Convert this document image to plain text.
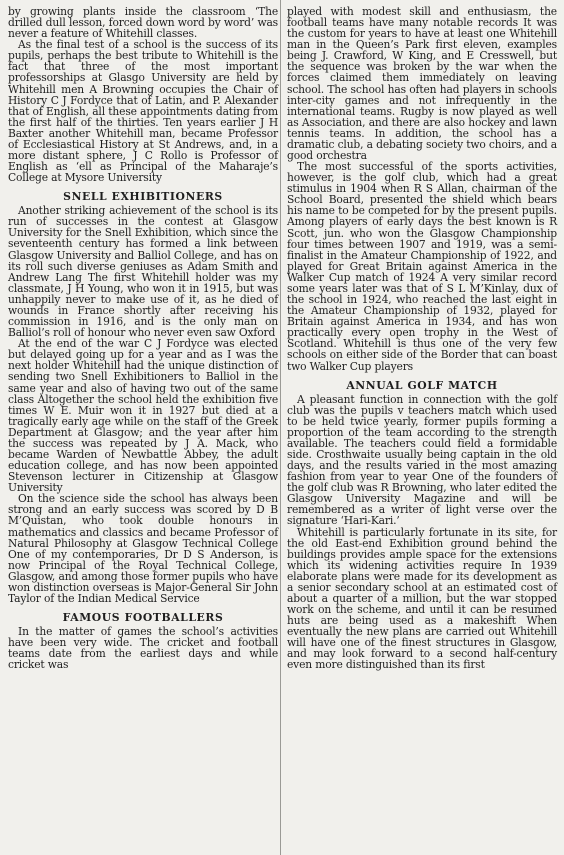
by growing plants inside the classroom ‘The drilled dull lesson, forced down word by word’ was never a feature of Whitehill classes.

As the final test of a school is the success of its pupils, perhaps the best tribute to Whitehill is the fact that three of the most important professorships at Glasgo University are held by Whitehill men A Browning occupies the Chair of History C J Fordyce that of Latin, and P. Alexander that of English, all these appointments dating from the first half of the thirties. Ten years earlier J H Baxter another Whitehill man, became Professor of Ecclesiastical History at St Andrews, and, in a more distant sphere, J C Rollo is Professor of English as ‘ell as Principal of the Maharaje’s College at Mysore University

SNELL EXHIBITIONERS

Another striking achievement of the school is its run of successes in the contest at Glasgow University for the Snell Exhibition, which since the seventeenth century has formed a link between Glasgow University and Balliol College, and has on its roll such diverse geniuses as Adam Smith and Andrew Lang The first Whitehill holder was my classmate, J H Young, who won it in 1915, but was unhappily never to make use of it, as he died of wounds in France shortly after receiving his commission in 1916, and is the only man on Balliol’s roll of honour who never even saw Oxford

At the end of the war C J Fordyce was elected but delayed going up for a year and as I was the next holder Whitehill had the unique distinction of sending two Snell Exhibitioners to Balliol in the same year and also of having two out of the same class Altogether the school held the exhibition five times W E. Muir won it in 1927 but died at a tragically early age while on the staff of the Greek Department at Glasgow; and the year after him the success was repeated by J A. Mack, who became Warden of Newbattle Abbey, the adult education college, and has now been appointed Stevenson lecturer in Citizenship at Glasgow University

On the science side the school has always been strong and an early success was scored by D B M’Quistan, who took double honours in mathematics and classics and became Professor of Natural Philosophy at Glasgow Technical College One of my contemporaries, Dr D S Anderson, is now Principal of the Royal Technical College, Glasgow, and among those former pupils who have won distinction overseas is Major-General Sir John Taylor of the Indian Medical Service

FAMOUS FOOTBALLERS

In the matter of games the school’s activities have been very wide. The cricket and football teams date from the earliest days and while cricket was

played with modest skill and enthusiasm, the football teams have many notable records It was the custom for years to have at least one Whitehill man in the Queen’s Park first eleven, examples being J. Crawford, W King, and E Cresswell, but the sequence was broken by the war when the forces claimed them immediately on leaving school. The school has often had players in schools inter-city games and not infrequently in the international teams. Rugby is now played as well as Association, and there are also hockey and lawn tennis teams. In addition, the school has a dramatic club, a debating society two choirs, and a good orchestra

The most successful of the sports activities, however, is the golf club, which had a great stimulus in 1904 when R S Allan, chairman of the School Board, presented the shield which bears his name to be competed for by the present pupils. Among players of early days the best known is R Scott, jun. who won the Glasgow Championship four times between 1907 and 1919, was a semi-finalist in the Amateur Championship of 1922, and played for Great Britain against America in the Walker Cup match of 1924 A very similar record some years later was that of S L M’Kinlay, dux of the school in 1924, who reached the last eight in the Amateur Championship of 1932, played for Britain against America in 1934, and has won practically every open trophy in the West of Scotland. Whitehill is thus one of the very few schools on either side of the Border that can boast two Walker Cup players

ANNUAL GOLF MATCH

A pleasant function in connection with the golf club was the pupils v teachers match which used to be held twice yearly, former pupils forming a proportion of the team according to the strength available. The teachers could field a formidable side. Crosthwaite usually being captain in the old days, and the results varied in the most amazing fashion from year to year One of the founders of the golf club was R Browning, who later edited the Glasgow University Magazine and will be remembered as a writer of light verse over the signature ‘Hari-Kari.’

Whitehill is particularly fortunate in its site, for the old East-end Exhibition ground behind the buildings provides ample space for the extensions which its widening activities require In 1939 elaborate plans were made for its development as a senior secondary school at an estimated cost of about a quarter of a million, but the war stopped work on the scheme, and until it can be resumed huts are being used as a makeshift When eventually the new plans are carried out Whitehill will have one of the finest structures in Glasgow, and may look forward to a second half-century even more distinguished than its first
